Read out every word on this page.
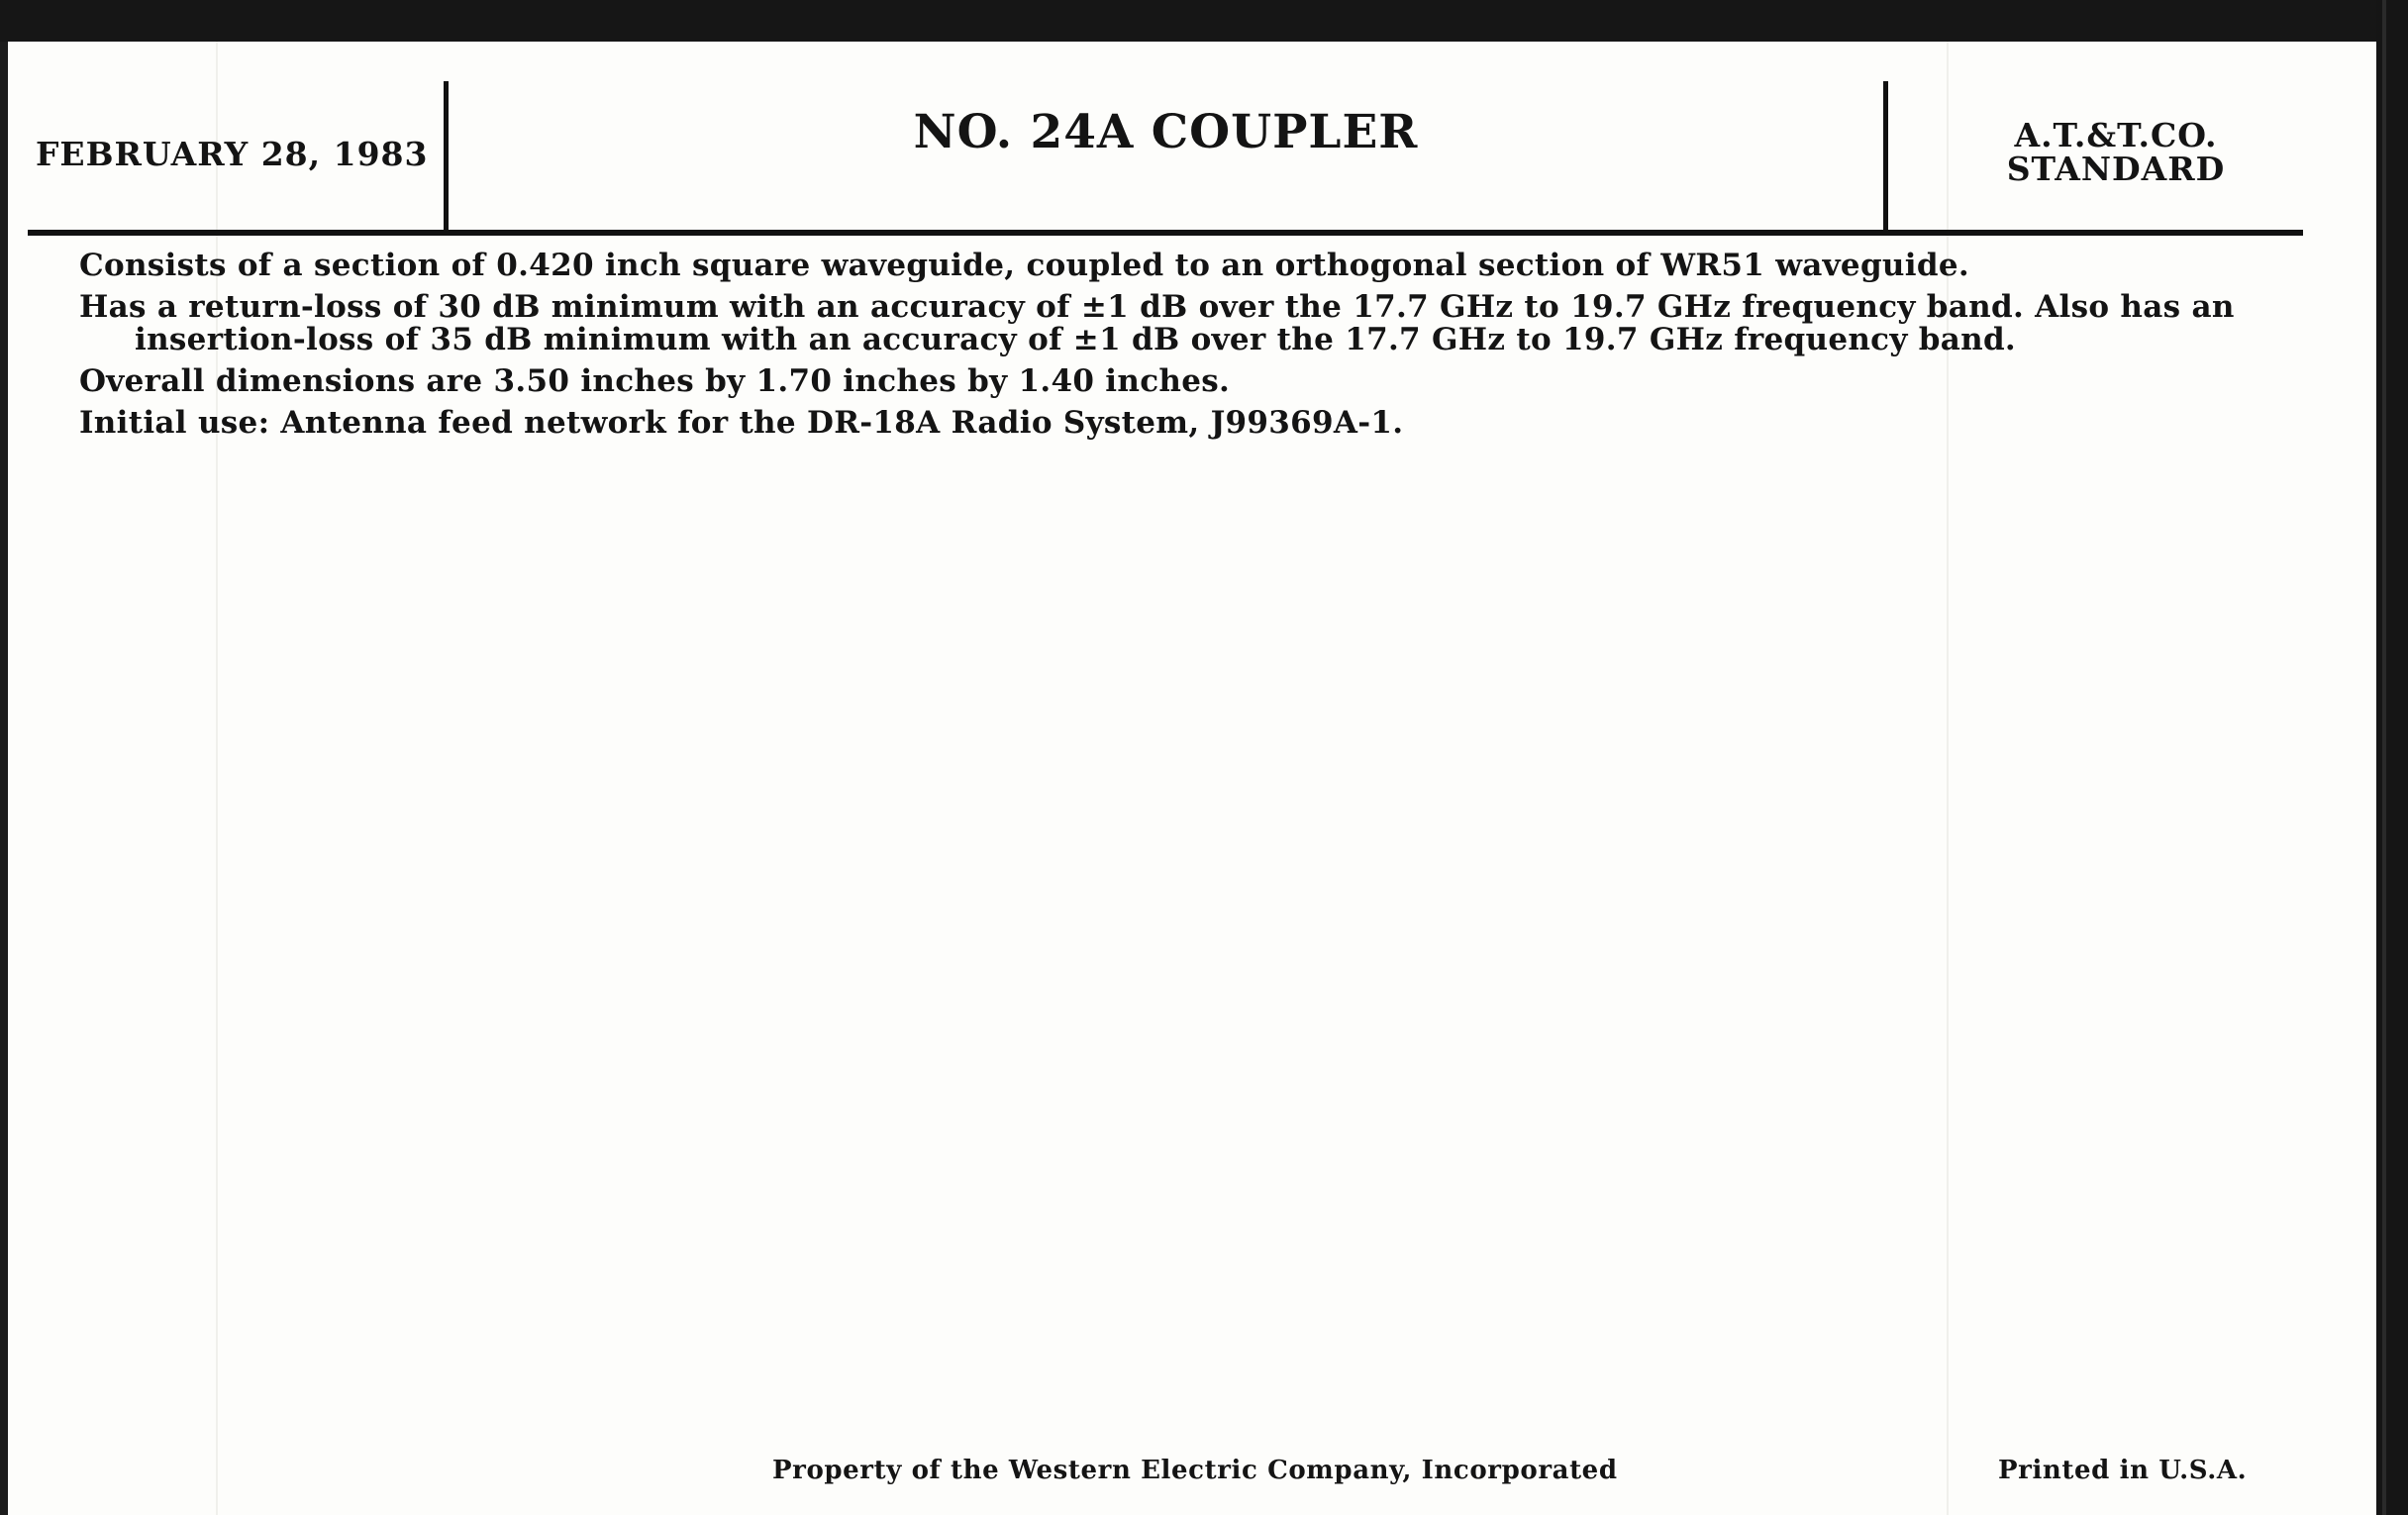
FEBRUARY 28, 1983	NO. 24A COUPLER	A.T.&T.CO.
STANDARD

Consists of a section of 0.420 inch square waveguide, coupled to an orthogonal section of WR51 waveguide.

Has a return-loss of 30 dB minimum with an accuracy of ±1 dB over the 17.7 GHz to 19.7 GHz frequency band. Also has an insertion-loss of 35 dB minimum with an accuracy of ±1 dB over the 17.7 GHz to 19.7 GHz frequency band.

Overall dimensions are 3.50 inches by 1.70 inches by 1.40 inches.

Initial use: Antenna feed network for the DR-18A Radio System, J99369A-1.

Property of the Western Electric Company, Incorporated	Printed in U.S.A.
